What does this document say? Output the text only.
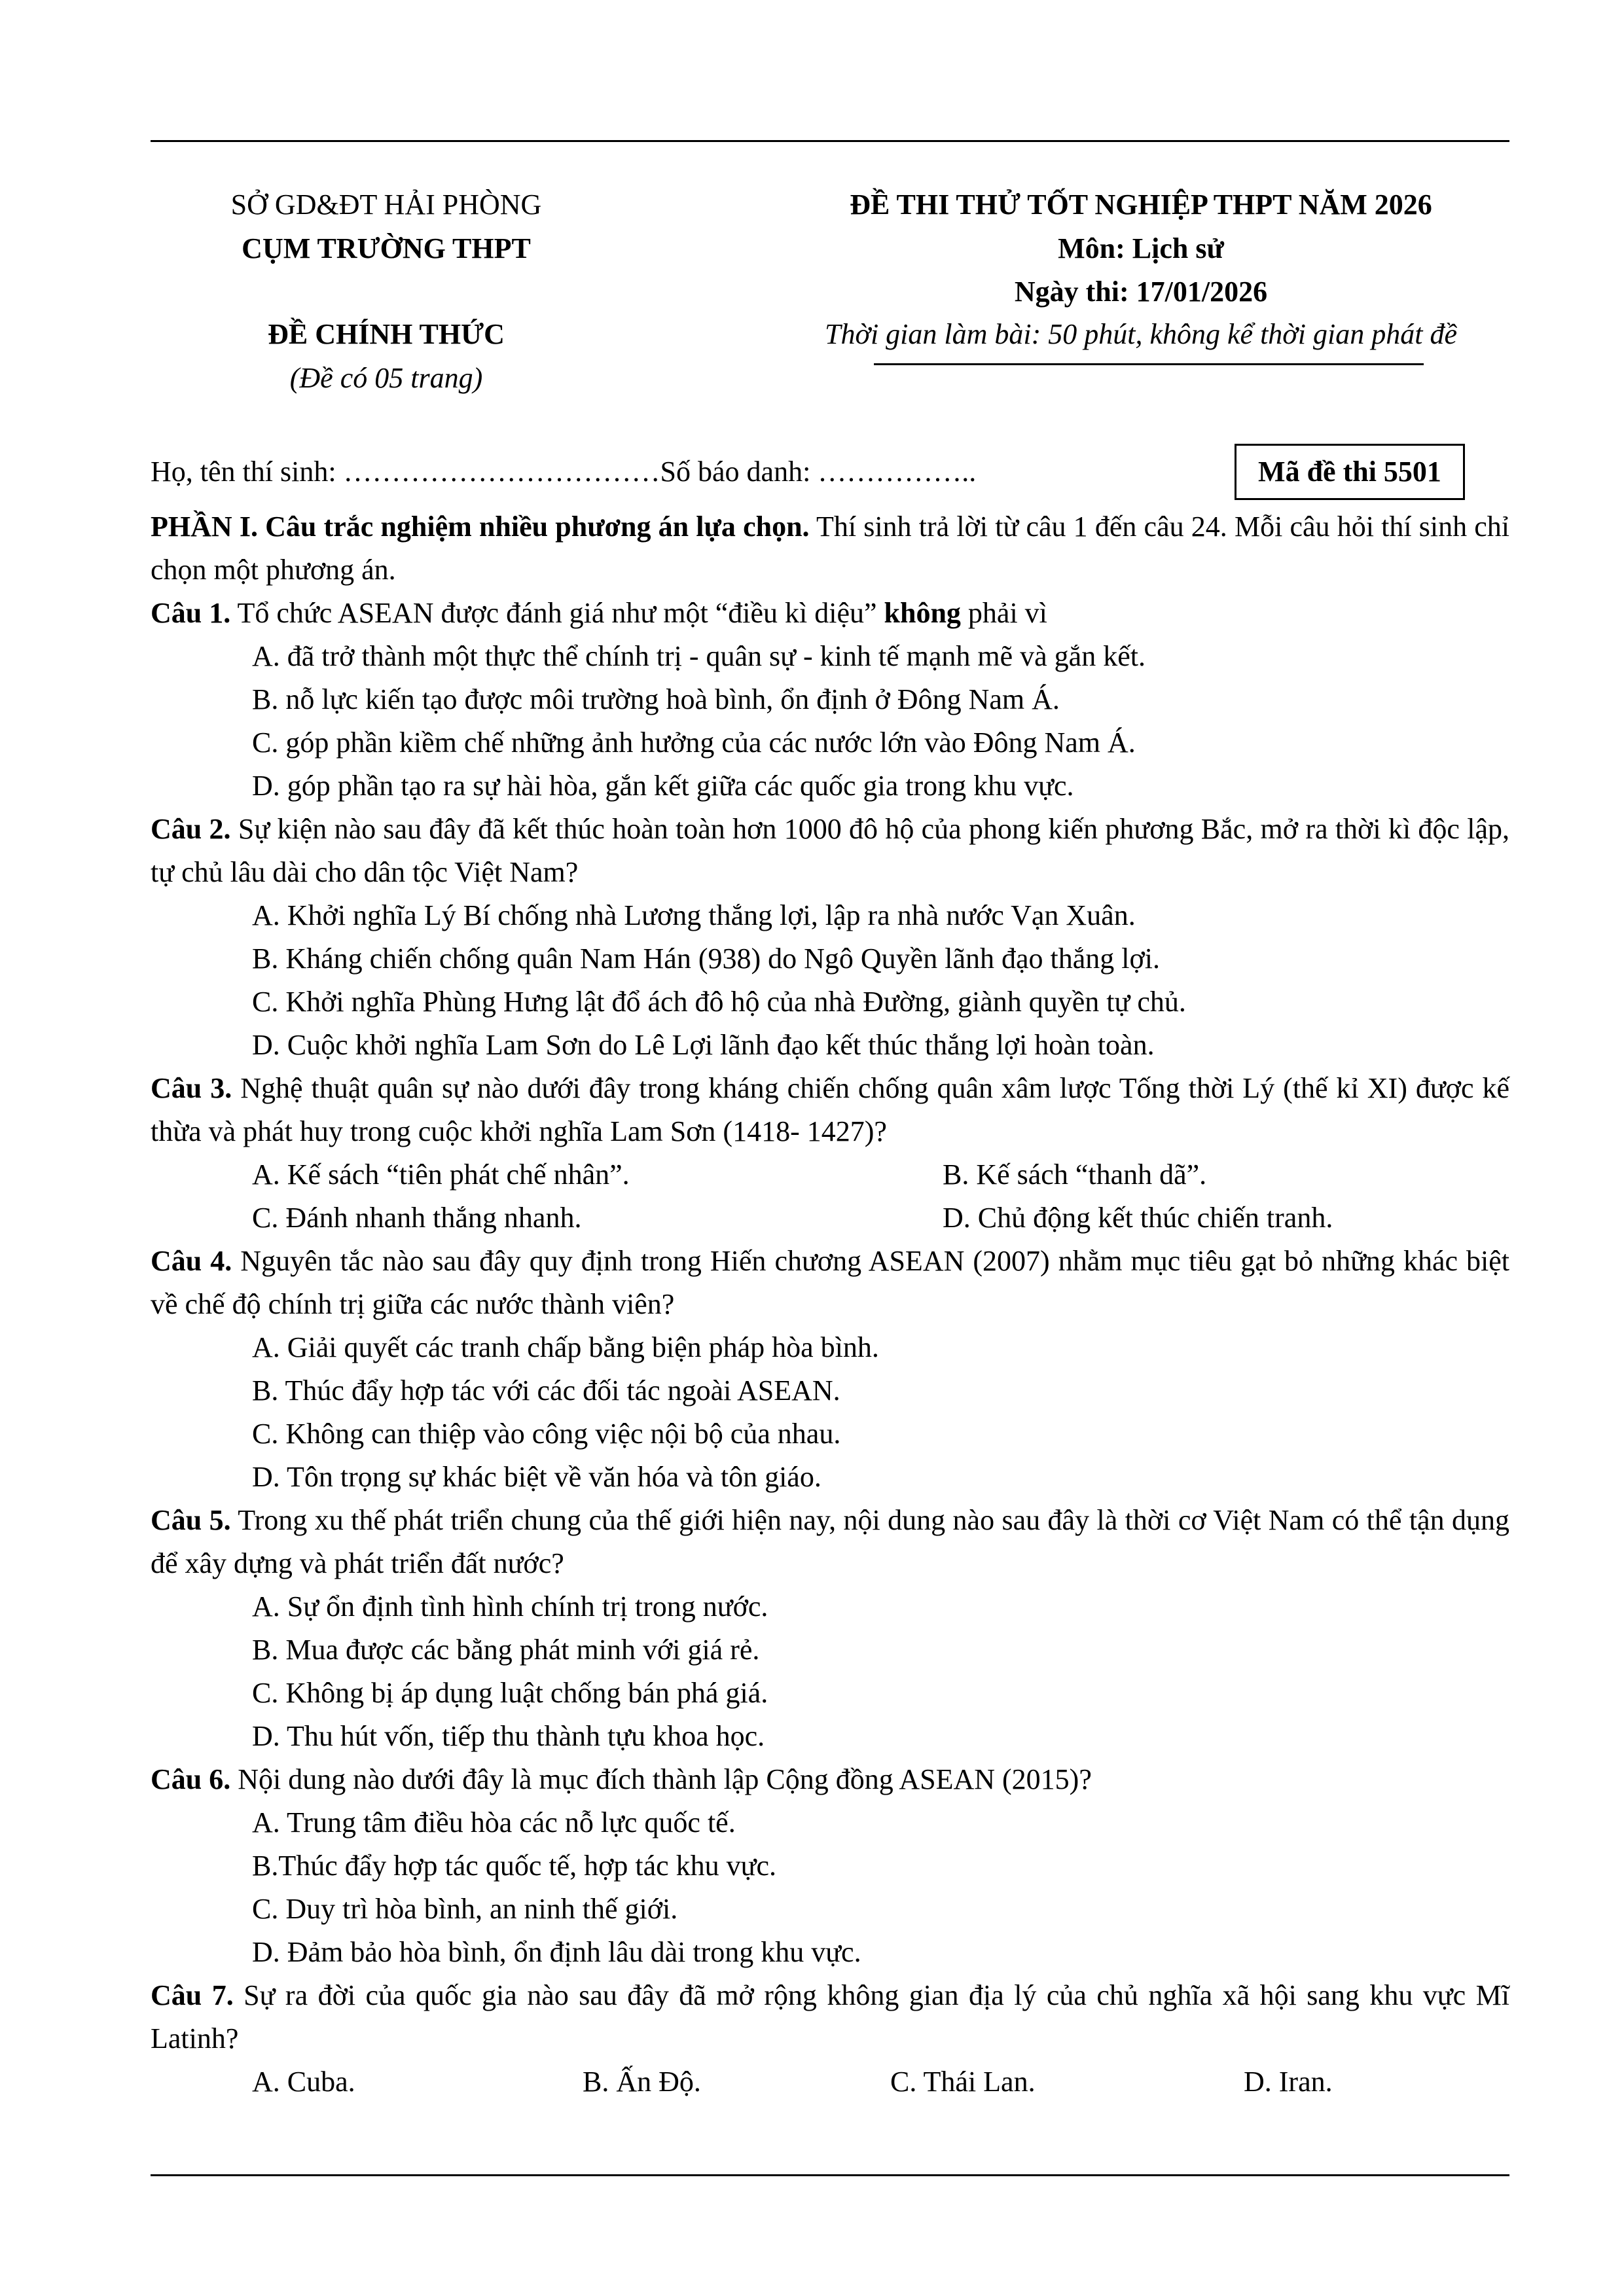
SỞ GD&ĐT HẢI PHÒNG
CỤM TRƯỜNG THPT
ĐỀ CHÍNH THỨC
(Đề có 05 trang)
ĐỀ THI THỬ TỐT NGHIỆP THPT NĂM 2026
Môn: Lịch sử
Ngày thi: 17/01/2026
Thời gian làm bài: 50 phút, không kể thời gian phát đề
Họ, tên thí sinh: ……………………………Số báo danh: ……………..	Mã đề thi 5501

PHẦN I. Câu trắc nghiệm nhiều phương án lựa chọn. Thí sinh trả lời từ câu 1 đến câu 24. Mỗi câu hỏi thí sinh chỉ chọn một phương án.

Câu 1. Tổ chức ASEAN được đánh giá như một “điều kì diệu” không phải vì

A. đã trở thành một thực thể chính trị - quân sự - kinh tế mạnh mẽ và gắn kết.

B. nỗ lực kiến tạo được môi trường hoà bình, ổn định ở Đông Nam Á.

C. góp phần kiềm chế những ảnh hưởng của các nước lớn vào Đông Nam Á.

D. góp phần tạo ra sự hài hòa, gắn kết giữa các quốc gia trong khu vực.

Câu 2. Sự kiện nào sau đây đã kết thúc hoàn toàn hơn 1000 đô hộ của phong kiến phương Bắc, mở ra thời kì độc lập, tự chủ lâu dài cho dân tộc Việt Nam?

A. Khởi nghĩa Lý Bí chống nhà Lương thắng lợi, lập ra nhà nước Vạn Xuân.

B. Kháng chiến chống quân Nam Hán (938) do Ngô Quyền lãnh đạo thắng lợi.

C. Khởi nghĩa Phùng Hưng lật đổ ách đô hộ của nhà Đường, giành quyền tự chủ.

D. Cuộc khởi nghĩa Lam Sơn do Lê Lợi lãnh đạo kết thúc thắng lợi hoàn toàn.

Câu 3. Nghệ thuật quân sự nào dưới đây trong kháng chiến chống quân xâm lược Tống thời Lý (thế kỉ XI) được kế thừa và phát huy trong cuộc khởi nghĩa Lam Sơn (1418- 1427)?

A. Kế sách “tiên phát chế nhân”.	B. Kế sách “thanh dã”.
C. Đánh nhanh thắng nhanh.	D. Chủ động kết thúc chiến tranh.

Câu 4. Nguyên tắc nào sau đây quy định trong Hiến chương ASEAN (2007) nhằm mục tiêu gạt bỏ những khác biệt về chế độ chính trị giữa các nước thành viên?

A. Giải quyết các tranh chấp bằng biện pháp hòa bình.

B. Thúc đẩy hợp tác với các đối tác ngoài ASEAN.

C. Không can thiệp vào công việc nội bộ của nhau.

D. Tôn trọng sự khác biệt về văn hóa và tôn giáo.

Câu 5. Trong xu thế phát triển chung của thế giới hiện nay, nội dung nào sau đây là thời cơ Việt Nam có thể tận dụng để xây dựng và phát triển đất nước?

A. Sự ổn định tình hình chính trị trong nước.

B. Mua được các bằng phát minh với giá rẻ.

C. Không bị áp dụng luật chống bán phá giá.

D. Thu hút vốn, tiếp thu thành tựu khoa học.

Câu 6. Nội dung nào dưới đây là mục đích thành lập Cộng đồng ASEAN (2015)?

A. Trung tâm điều hòa các nỗ lực quốc tế.

B.Thúc đẩy hợp tác quốc tế, hợp tác khu vực.

C. Duy trì hòa bình, an ninh thế giới.

D. Đảm bảo hòa bình, ổn định lâu dài trong khu vực.

Câu 7. Sự ra đời của quốc gia nào sau đây đã mở rộng không gian địa lý của chủ nghĩa xã hội sang khu vực Mĩ Latinh?

A. Cuba.	B. Ấn Độ.	C. Thái Lan.	D. Iran.
